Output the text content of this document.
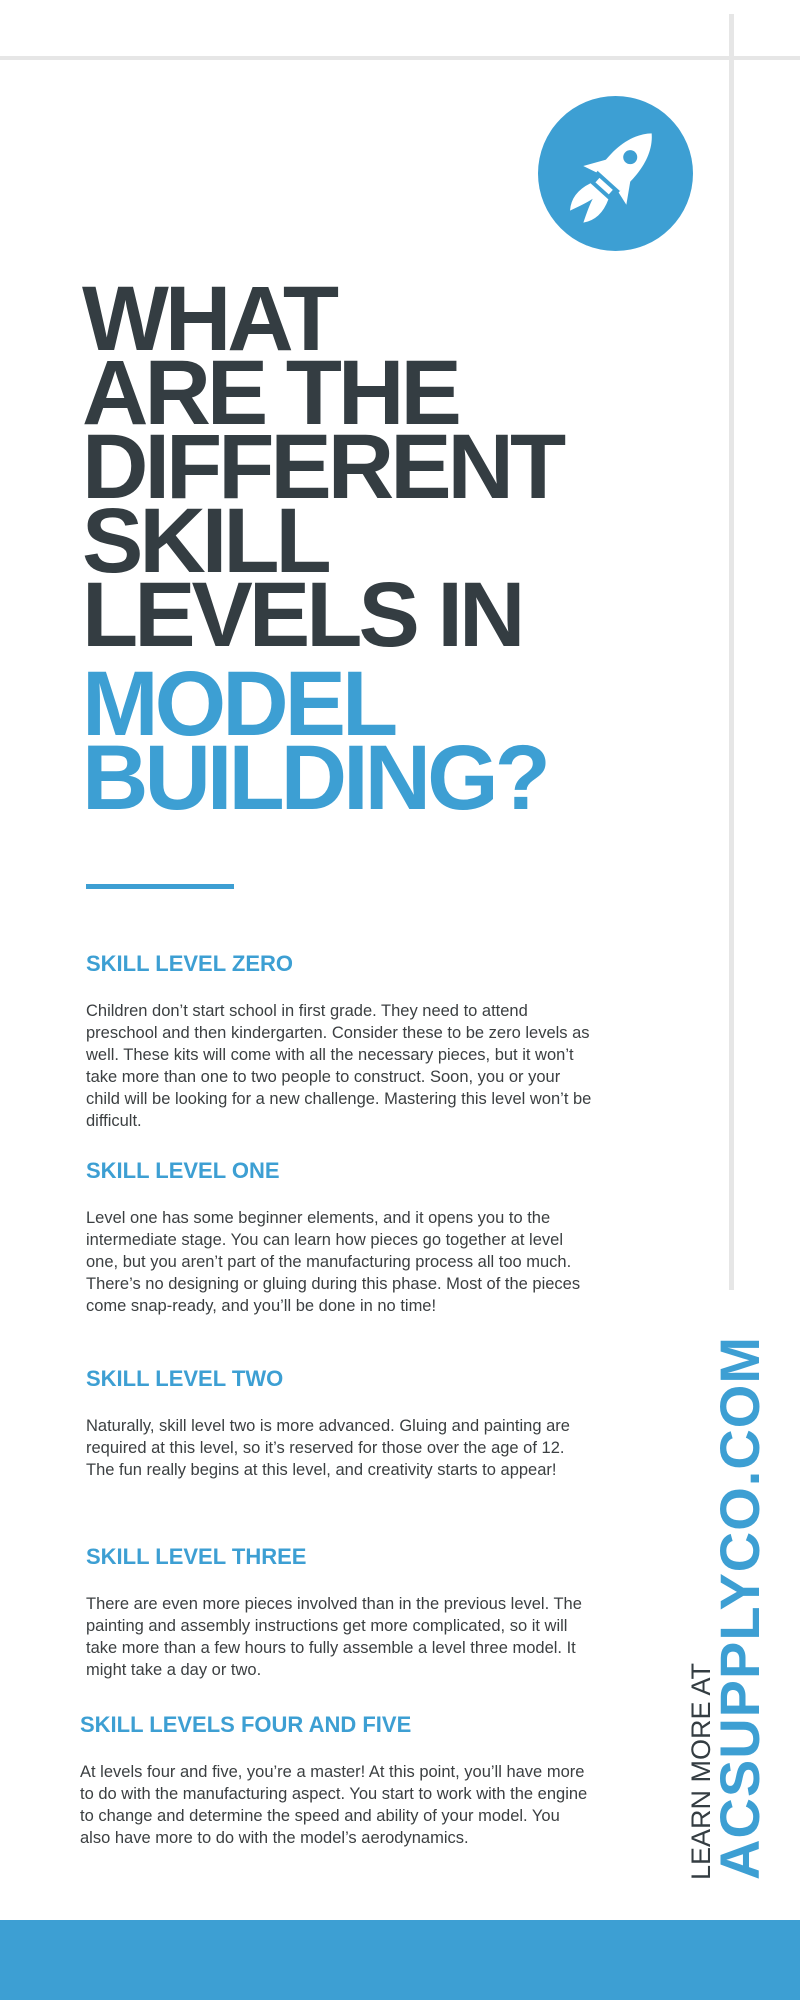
WHAT
ARE THE
DIFFERENT
SKILL
LEVELS IN
MODEL
BUILDING?
SKILL LEVEL ZERO

Children don’t start school in first grade. They need to attend preschool and then kindergarten. Consider these to be zero levels as well. These kits will come with all the necessary pieces, but it won’t take more than one to two people to construct. Soon, you or your child will be looking for a new challenge. Mastering this level won’t be difficult.

SKILL LEVEL ONE

Level one has some beginner elements, and it opens you to the intermediate stage. You can learn how pieces go together at level one, but you aren’t part of the manufacturing process all too much. There’s no designing or gluing during this phase. Most of the pieces come snap-ready, and you’ll be done in no time!

SKILL LEVEL TWO

Naturally, skill level two is more advanced. Gluing and painting are required at this level, so it’s reserved for those over the age of 12. The fun really begins at this level, and creativity starts to appear!

SKILL LEVEL THREE

There are even more pieces involved than in the previous level. The painting and assembly instructions get more complicated, so it will take more than a few hours to fully assemble a level three model. It might take a day or two.

SKILL LEVELS FOUR AND FIVE

At levels four and five, you’re a master! At this point, you’ll have more to do with the manufacturing aspect. You start to work with the engine to change and determine the speed and ability of your model. You also have more to do with the model’s aerodynamics.	LEARN MORE AT
ACSUPPLYCO.COM
